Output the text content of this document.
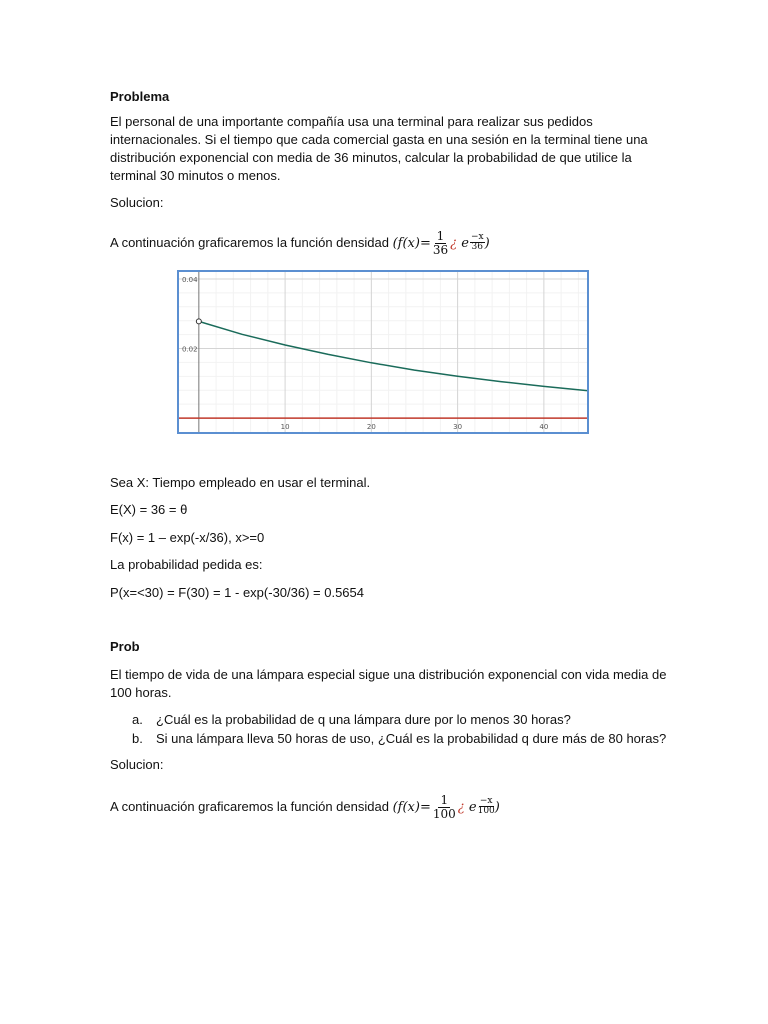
Problema

El personal de una importante compañía usa una terminal para realizar sus pedidos internacionales. Si el tiempo que cada comercial gasta en una sesión en la terminal tiene una distribución exponencial con media de 36 minutos, calcular la probabilidad de que utilice la terminal 30 minutos o menos.

Solucion:

A continuación graficaremos la función densidad ($f(x)= \frac{1}{36}$ ¿ e $\frac{-x}{36}$ )

10	20	30	40
0.02
0.04

Sea X: Tiempo empleado en usar el terminal.

E(X) = 36 = θ

F(x) = 1 – exp(-x/36), x>=0

La probabilidad pedida es:

P(x=<30) = F(30) = 1 - exp(-30/36) = 0.5654

Prob

El tiempo de vida de una lámpara especial sigue una distribución exponencial con vida media de 100 horas.

a. ¿Cuál es la probabilidad de q una lámpara dure por lo menos 30 horas?
b. Si una lámpara lleva 50 horas de uso, ¿Cuál es la probabilidad q dure más de 80 horas?

Solucion:

A continuación graficaremos la función densidad ($f(x)= \frac{1}{100}$ ¿ e $\frac{-x}{100}$ )
